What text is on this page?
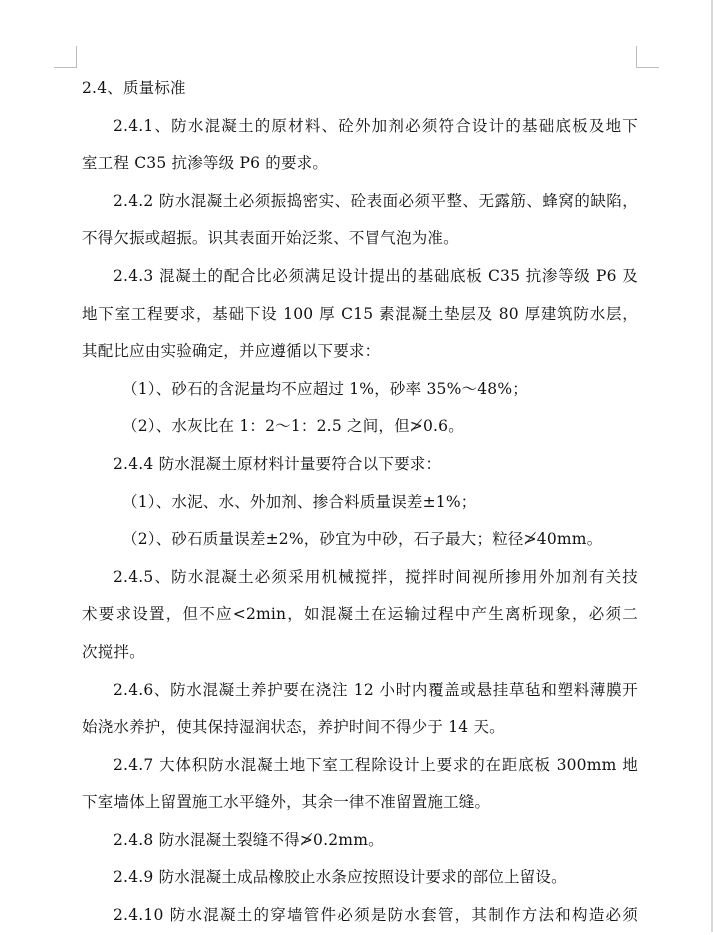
2.4、质量标准
2.4.1、防水混凝土的原材料、砼外加剂必须符合设计的基础底板及地下
室工程 C35 抗渗等级 P6 的要求。
2.4.2 防水混凝土必须振捣密实、砼表面必须平整、无露筋、蜂窝的缺陷，
不得欠振或超振。识其表面开始泛浆、不冒气泡为准。
2.4.3 混凝土的配合比必须满足设计提出的基础底板 C35 抗渗等级 P6 及
地下室工程要求，基础下设 100 厚 C15 素混凝土垫层及 80 厚建筑防水层，
其配比应由实验确定，并应遵循以下要求：
（1）、砂石的含泥量均不应超过 1%，砂率 35%～48%；
（2）、水灰比在 1：2～1：2.5 之间，但≯0.6。
2.4.4 防水混凝土原材料计量要符合以下要求：
（1）、水泥、水、外加剂、掺合料质量误差±1%；
（2）、砂石质量误差±2%，砂宜为中砂，石子最大；粒径≯40mm。
2.4.5、防水混凝土必须采用机械搅拌，搅拌时间视所掺用外加剂有关技
术要求设置，但不应<2min，如混凝土在运输过程中产生离析现象，必须二
次搅拌。
2.4.6、防水混凝土养护要在浇注 12 小时内覆盖或悬挂草毡和塑料薄膜开
始浇水养护，使其保持湿润状态，养护时间不得少于 14 天。
2.4.7 大体积防水混凝土地下室工程除设计上要求的在距底板 300mm 地
下室墙体上留置施工水平缝外，其余一律不准留置施工缝。
2.4.8 防水混凝土裂缝不得≯0.2mm。
2.4.9 防水混凝土成品橡胶止水条应按照设计要求的部位上留设。
2.4.10 防水混凝土的穿墙管件必须是防水套管，其制作方法和构造必须
